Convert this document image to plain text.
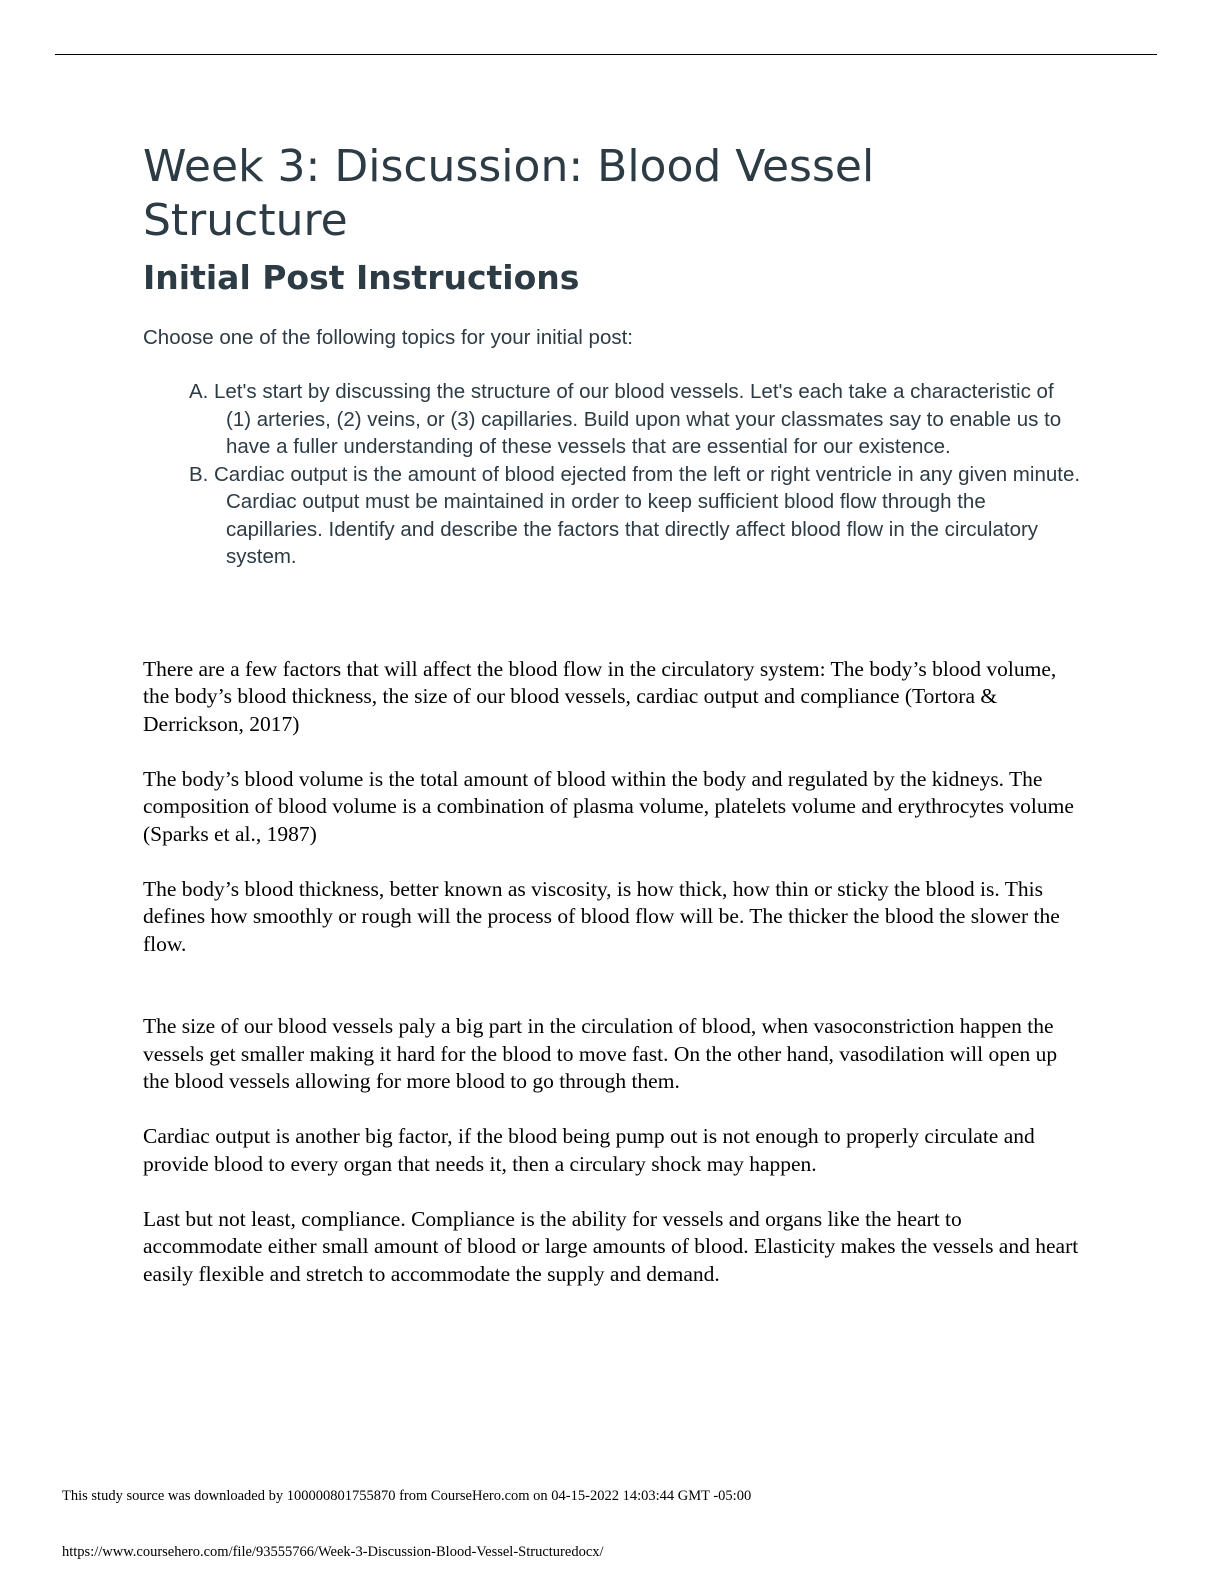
Week 3: Discussion: Blood Vessel Structure
Initial Post Instructions

Choose one of the following topics for your initial post:

A. Let's start by discussing the structure of our blood vessels. Let's each take a characteristic of (1) arteries, (2) veins, or (3) capillaries. Build upon what your classmates say to enable us to have a fuller understanding of these vessels that are essential for our existence.
B. Cardiac output is the amount of blood ejected from the left or right ventricle in any given minute. Cardiac output must be maintained in order to keep sufficient blood flow through the capillaries. Identify and describe the factors that directly affect blood flow in the circulatory system.

There are a few factors that will affect the blood flow in the circulatory system: The body’s blood volume, the body’s blood thickness, the size of our blood vessels, cardiac output and compliance (Tortora & Derrickson, 2017)

The body’s blood volume is the total amount of blood within the body and regulated by the kidneys. The composition of blood volume is a combination of plasma volume, platelets volume and erythrocytes volume (Sparks et al., 1987)

The body’s blood thickness, better known as viscosity, is how thick, how thin or sticky the blood is. This defines how smoothly or rough will the process of blood flow will be. The thicker the blood the slower the flow.

The size of our blood vessels paly a big part in the circulation of blood, when vasoconstriction happen the vessels get smaller making it hard for the blood to move fast. On the other hand, vasodilation will open up the blood vessels allowing for more blood to go through them.

Cardiac output is another big factor, if the blood being pump out is not enough to properly circulate and provide blood to every organ that needs it, then a circulary shock may happen.

Last but not least, compliance. Compliance is the ability for vessels and organs like the heart to accommodate either small amount of blood or large amounts of blood. Elasticity makes the vessels and heart easily flexible and stretch to accommodate the supply and demand.

This study source was downloaded by 100000801755870 from CourseHero.com on 04-15-2022 14:03:44 GMT -05:00
https://www.coursehero.com/file/93555766/Week-3-Discussion-Blood-Vessel-Structuredocx/
